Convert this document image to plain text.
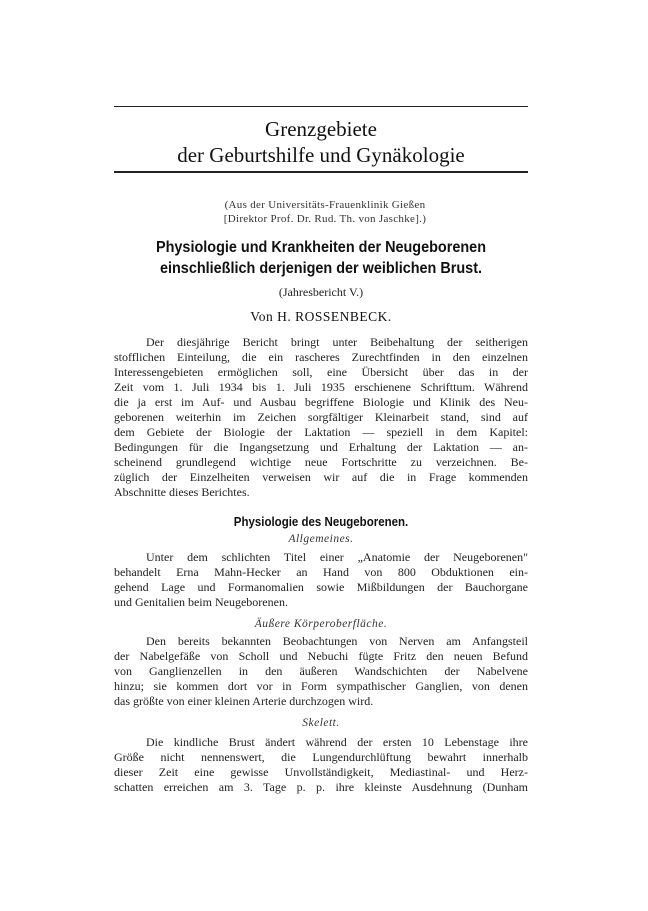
Grenzgebiete
der Geburtshilfe und Gynäkologie
(Aus der Universitäts-Frauenklinik Gießen
[Direktor Prof. Dr. Rud. Th. von Jaschke].)
Physiologie und Krankheiten der Neugeborenen
einschließlich derjenigen der weiblichen Brust.
(Jahresbericht V.)
Von H. ROSSENBECK.
Der diesjährige Bericht bringt unter Beibehaltung der seitherigen
stofflichen Einteilung, die ein rascheres Zurechtfinden in den einzelnen
Interessengebieten ermöglichen soll, eine Übersicht über das in der
Zeit vom 1. Juli 1934 bis 1. Juli 1935 erschienene Schrifttum. Während
die ja erst im Auf- und Ausbau begriffene Biologie und Klinik des Neu-
geborenen weiterhin im Zeichen sorgfältiger Kleinarbeit stand, sind auf
dem Gebiete der Biologie der Laktation — speziell in dem Kapitel:
Bedingungen für die Ingangsetzung und Erhaltung der Laktation — an-
scheinend grundlegend wichtige neue Fortschritte zu verzeichnen. Be-
züglich der Einzelheiten verweisen wir auf die in Frage kommenden
Abschnitte dieses Berichtes.
Physiologie des Neugeborenen.
Allgemeines.
Unter dem schlichten Titel einer „Anatomie der Neugeborenen"
behandelt Erna Mahn-Hecker an Hand von 800 Obduktionen ein-
gehend Lage und Formanomalien sowie Mißbildungen der Bauchorgane
und Genitalien beim Neugeborenen.
Äußere Körperoberfläche.
Den bereits bekannten Beobachtungen von Nerven am Anfangsteil
der Nabelgefäße von Scholl und Nebuchi fügte Fritz den neuen Befund
von Ganglienzellen in den äußeren Wandschichten der Nabelvene
hinzu; sie kommen dort vor in Form sympathischer Ganglien, von denen
das größte von einer kleinen Arterie durchzogen wird.
Skelett.
Die kindliche Brust ändert während der ersten 10 Lebenstage ihre
Größe nicht nennenswert, die Lungendurchlüftung bewahrt innerhalb
dieser Zeit eine gewisse Unvollständigkeit, Mediastinal- und Herz-
schatten erreichen am 3. Tage p. p. ihre kleinste Ausdehnung (Dunham
